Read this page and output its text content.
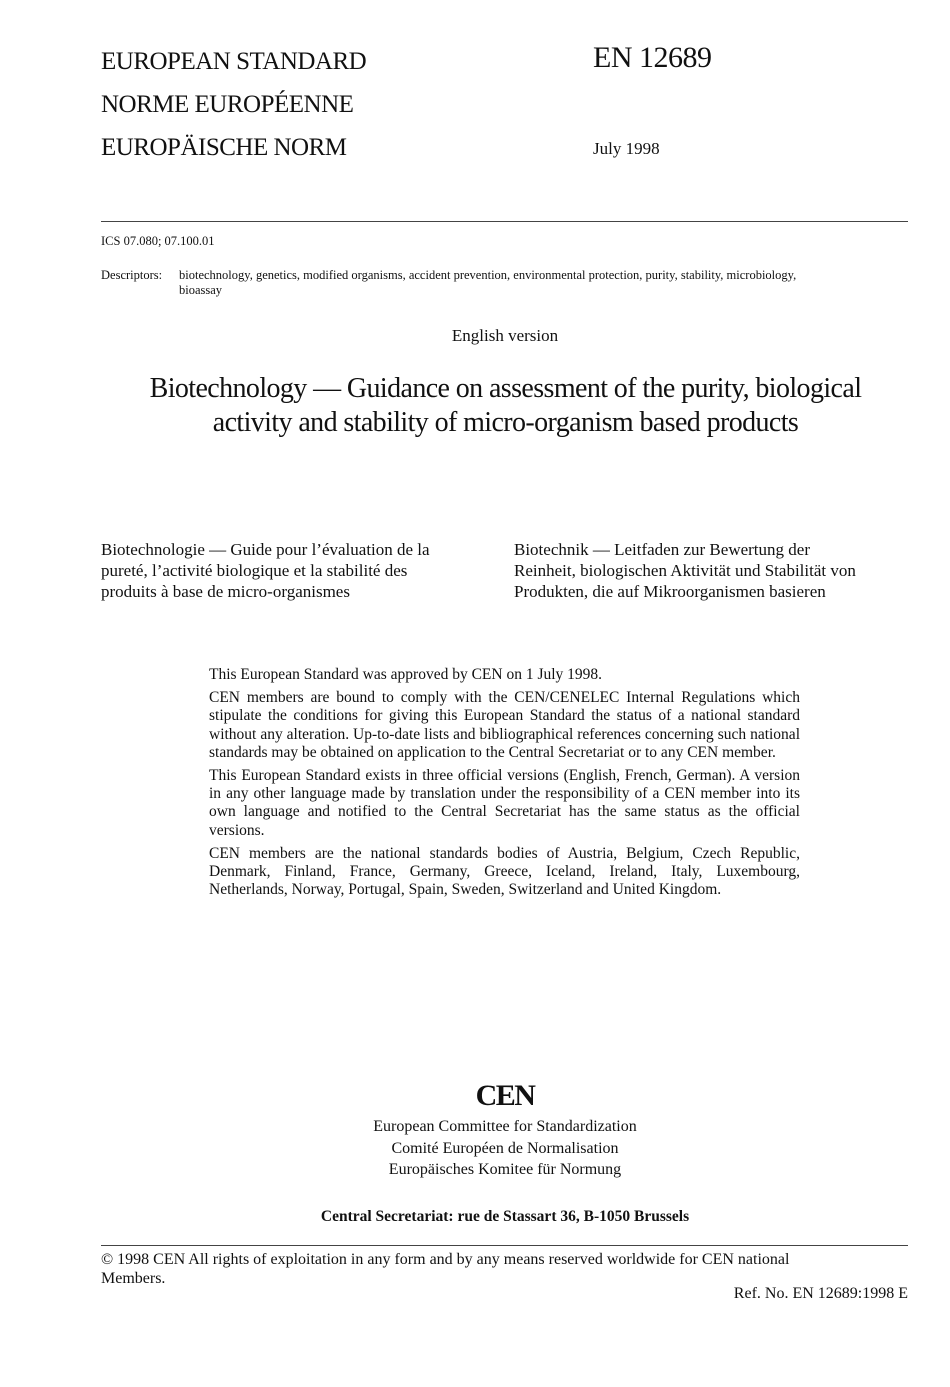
EUROPEAN STANDARD
NORME EUROPÉENNE
EUROPÄISCHE NORM
EN 12689
July 1998
ICS 07.080; 07.100.01
Descriptors: biotechnology, genetics, modified organisms, accident prevention, environmental protection, purity, stability, microbiology,
bioassay
English version
Biotechnology — Guidance on assessment of the purity, biological
activity and stability of micro-organism based products
Biotechnologie — Guide pour l’évaluation de la
pureté, l’activité biologique et la stabilité des
produits à base de micro-organismes
Biotechnik — Leitfaden zur Bewertung der
Reinheit, biologischen Aktivität und Stabilität von
Produkten, die auf Mikroorganismen basieren

This European Standard was approved by CEN on 1 July 1998.

CEN members are bound to comply with the CEN/CENELEC Internal Regulations which stipulate the conditions for giving this European Standard the status of a national standard without any alteration. Up-to-date lists and bibliographical references concerning such national standards may be obtained on application to the Central Secretariat or to any CEN member.

This European Standard exists in three official versions (English, French, German). A version in any other language made by translation under the responsibility of a CEN member into its own language and notified to the Central Secretariat has the same status as the official versions.

CEN members are the national standards bodies of Austria, Belgium, Czech Republic, Denmark, Finland, France, Germany, Greece, Iceland, Ireland, Italy, Luxembourg, Netherlands, Norway, Portugal, Spain, Sweden, Switzerland and United Kingdom.

CEN
European Committee for Standardization
Comité Européen de Normalisation
Europäisches Komitee für Normung
Central Secretariat: rue de Stassart 36, B-1050 Brussels
© 1998 CEN All rights of exploitation in any form and by any means reserved worldwide for CEN national
Members.
Ref. No. EN 12689:1998 E
